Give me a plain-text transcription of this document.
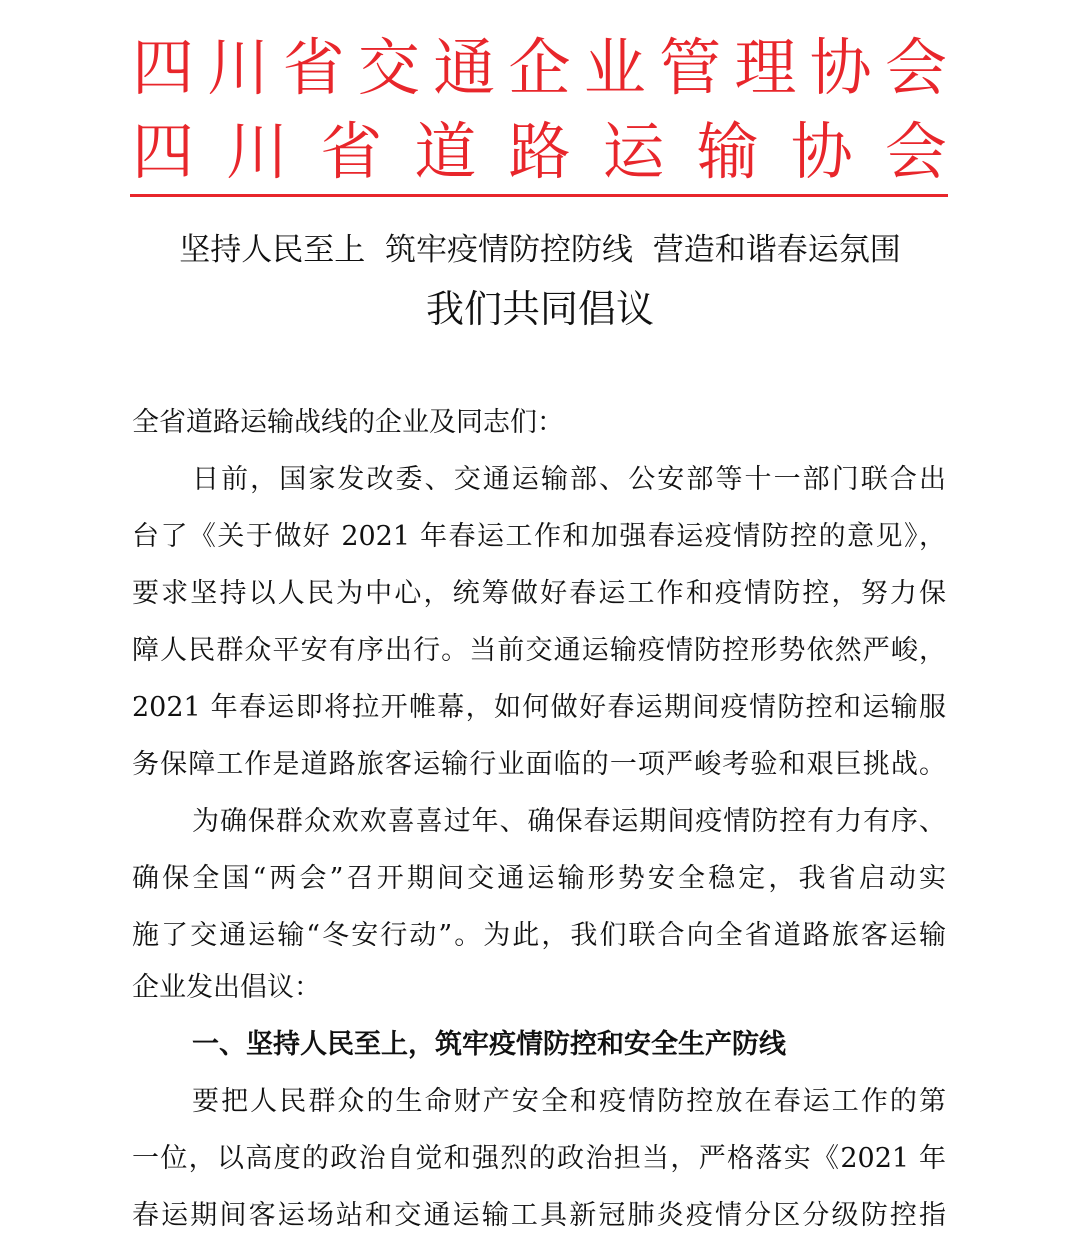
四 川 省 交 通 企 业 管 理 协 会
四 川 省 道 路 运 输 协 会
坚持人民至上  筑牢疫情防控防线  营造和谐春运氛围
我们共同倡议
全省道路运输战线的企业及同志们：
日前，国家发改委、交通运输部、公安部等十一部门联合出
台了《关于做好 2021 年春运工作和加强春运疫情防控的意见》，
要求坚持以人民为中心，统筹做好春运工作和疫情防控，努力保
障人民群众平安有序出行。当前交通运输疫情防控形势依然严峻，
2021 年春运即将拉开帷幕，如何做好春运期间疫情防控和运输服
务保障工作是道路旅客运输行业面临的一项严峻考验和艰巨挑战。
为确保群众欢欢喜喜过年、确保春运期间疫情防控有力有序、
确保全国“两会”召开期间交通运输形势安全稳定，我省启动实
施了交通运输“冬安行动”。为此，我们联合向全省道路旅客运输
企业发出倡议：
一、坚持人民至上，筑牢疫情防控和安全生产防线
要把人民群众的生命财产安全和疫情防控放在春运工作的第
一位，以高度的政治自觉和强烈的政治担当，严格落实《2021 年
春运期间客运场站和交通运输工具新冠肺炎疫情分区分级防控指
